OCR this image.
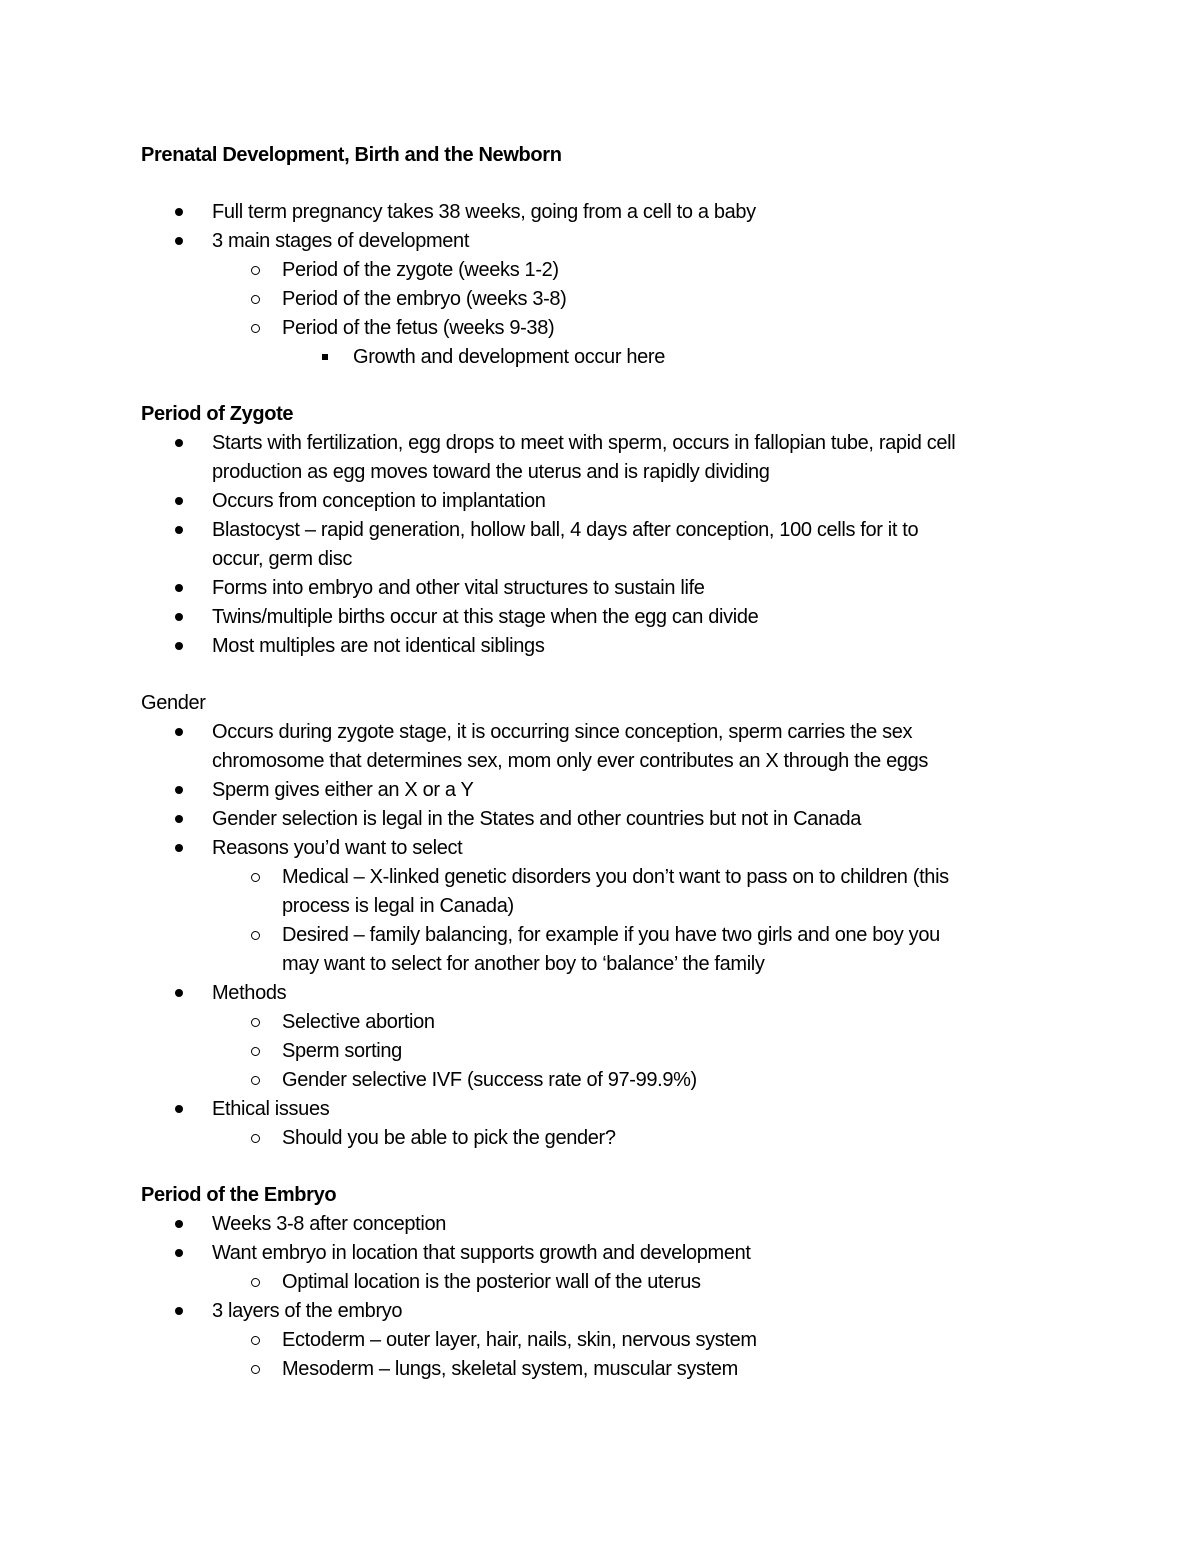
Prenatal Development, Birth and the Newborn
Full term pregnancy takes 38 weeks, going from a cell to a baby
3 main stages of development
Period of the zygote (weeks 1-2)
Period of the embryo (weeks 3-8)
Period of the fetus (weeks 9-38)
Growth and development occur here
Period of Zygote
Starts with fertilization, egg drops to meet with sperm, occurs in fallopian tube, rapid cell
production as egg moves toward the uterus and is rapidly dividing
Occurs from conception to implantation
Blastocyst – rapid generation, hollow ball, 4 days after conception, 100 cells for it to
occur, germ disc
Forms into embryo and other vital structures to sustain life
Twins/multiple births occur at this stage when the egg can divide
Most multiples are not identical siblings
Gender
Occurs during zygote stage, it is occurring since conception, sperm carries the sex
chromosome that determines sex, mom only ever contributes an X through the eggs
Sperm gives either an X or a Y
Gender selection is legal in the States and other countries but not in Canada
Reasons you’d want to select
Medical – X-linked genetic disorders you don’t want to pass on to children (this
process is legal in Canada)
Desired – family balancing, for example if you have two girls and one boy you
may want to select for another boy to ‘balance’ the family
Methods
Selective abortion
Sperm sorting
Gender selective IVF (success rate of 97-99.9%)
Ethical issues
Should you be able to pick the gender?
Period of the Embryo
Weeks 3-8 after conception
Want embryo in location that supports growth and development
Optimal location is the posterior wall of the uterus
3 layers of the embryo
Ectoderm – outer layer, hair, nails, skin, nervous system
Mesoderm – lungs, skeletal system, muscular system
